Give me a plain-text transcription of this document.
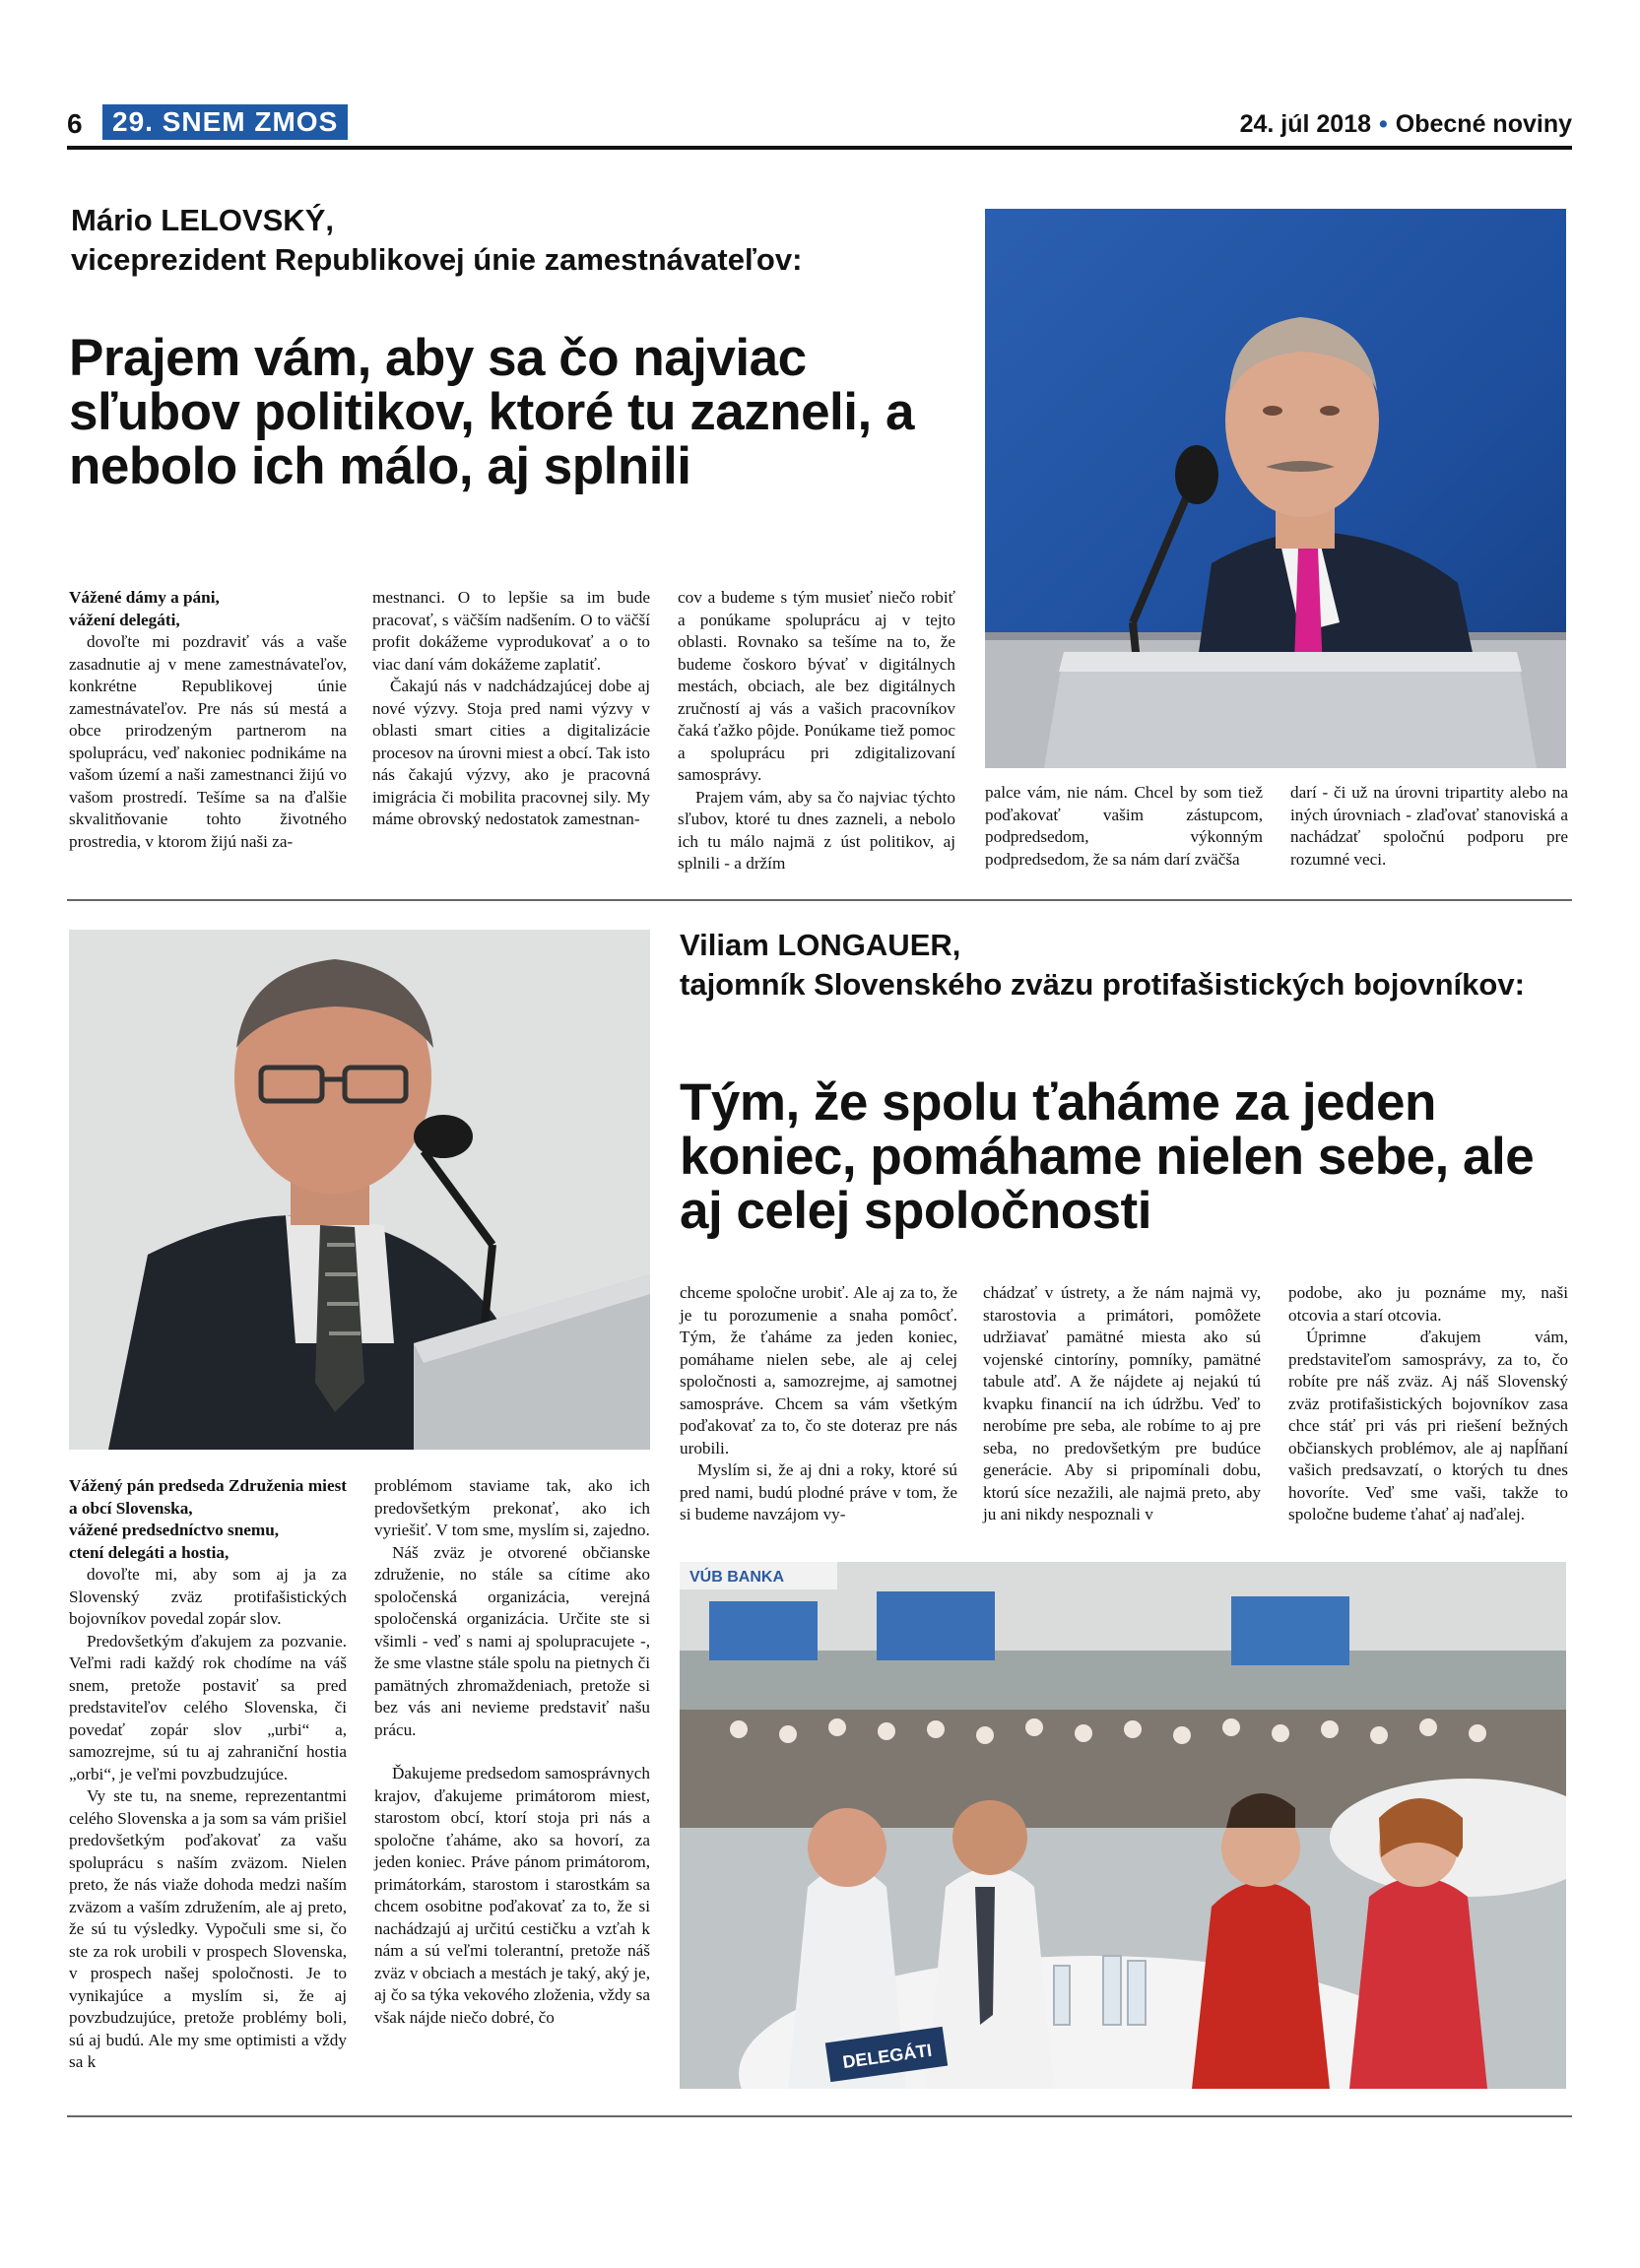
6	29. SNEM ZMOS	24. júl 2018 • Obecné noviny
Mário LELOVSKÝ,
viceprezident Republikovej únie zamestnávateľov:
Prajem vám, aby sa čo najviac sľubov politikov, ktoré tu zazneli, a nebolo ich málo, aj splnili

Vážené dámy a páni,
vážení delegáti,

dovoľte mi pozdraviť vás a vaše zasadnutie aj v mene zamestnávateľov, konkrétne Republikovej únie zamestnávateľov. Pre nás sú mestá a obce prirodzeným partnerom na spoluprácu, veď nakoniec podnikáme na vašom území a naši zamestnanci žijú vo vašom prostredí. Tešíme sa na ďalšie skvalitňovanie tohto životného prostredia, v ktorom žijú naši za-

mestnanci. O to lepšie sa im bude pracovať, s väčším nadšením. O to väčší profit dokážeme vyprodukovať a o to viac daní vám dokážeme zaplatiť.

Čakajú nás v nadchádzajúcej dobe aj nové výzvy. Stoja pred nami výzvy v oblasti smart cities a digitalizácie procesov na úrovni miest a obcí. Tak isto nás čakajú výzvy, ako je pracovná imigrácia či mobilita pracovnej sily. My máme obrovský nedostatok zamestnan-

cov a budeme s tým musieť niečo robiť a ponúkame spoluprácu aj v tejto oblasti. Rovnako sa tešíme na to, že budeme čoskoro bývať v digitálnych mestách, obciach, ale bez digitálnych zručností aj vás a vašich pracovníkov čaká ťažko pôjde. Ponúkame tiež pomoc a spoluprácu pri zdigitalizovaní samosprávy.

Prajem vám, aby sa čo najviac týchto sľubov, ktoré tu dnes zazneli, a nebolo ich tu málo najmä z úst politikov, aj splnili - a držím

palce vám, nie nám. Chcel by som tiež poďakovať vašim zástupcom, podpredsedom, výkonným podpredsedom, že sa nám darí zväčša

darí - či už na úrovni tripartity alebo na iných úrovniach - zlaďovať stanoviská a nachádzať spoločnú podporu pre rozumné veci.

Viliam LONGAUER,
tajomník Slovenského zväzu protifašistických bojovníkov:
Tým, že spolu ťaháme za jeden koniec, pomáhame nielen sebe, ale aj celej spoločnosti

Vážený pán predseda Združenia miest a obcí Slovenska,
vážené predsedníctvo snemu,
ctení delegáti a hostia,

dovoľte mi, aby som aj ja za Slovenský zväz protifašistických bojovníkov povedal zopár slov.

Predovšetkým ďakujem za pozvanie. Veľmi radi každý rok chodíme na váš snem, pretože postaviť sa pred predstaviteľov celého Slovenska, či povedať zopár slov „urbi“ a, samozrejme, sú tu aj zahraniční hostia „orbi“, je veľmi povzbudzujúce.

Vy ste tu, na sneme, reprezentantmi celého Slovenska a ja som sa vám prišiel predovšetkým poďakovať za vašu spoluprácu s naším zväzom. Nielen preto, že nás viaže dohoda medzi naším zväzom a vaším združením, ale aj preto, že sú tu výsledky. Vypočuli sme si, čo ste za rok urobili v prospech Slovenska, v prospech našej spoločnosti. Je to vynikajúce a myslím si, že aj povzbudzujúce, pretože problémy boli, sú aj budú. Ale my sme optimisti a vždy sa k

problémom staviame tak, ako ich predovšetkým prekonať, ako ich vyriešiť. V tom sme, myslím si, zajedno.

Náš zväz je otvorené občianske združenie, no stále sa cítime ako spoločenská organizácia, verejná spoločenská organizácia. Určite ste si všimli - veď s nami aj spolupracujete -, že sme vlastne stále spolu na pietnych či pamätných zhromaždeniach, pretože si bez vás ani nevieme predstaviť našu prácu.

Ďakujeme predsedom samosprávnych krajov, ďakujeme primátorom miest, starostom obcí, ktorí stoja pri nás a spoločne ťaháme, ako sa hovorí, za jeden koniec. Práve pánom primátorom, primátorkám, starostom i starostkám sa chcem osobitne poďakovať za to, že si nachádzajú aj určitú cestičku a vzťah k nám a sú veľmi tolerantní, pretože náš zväz v obciach a mestách je taký, aký je, aj čo sa týka vekového zloženia, vždy sa však nájde niečo dobré, čo

chceme spoločne urobiť. Ale aj za to, že je tu porozumenie a snaha pomôcť. Tým, že ťaháme za jeden koniec, pomáhame nielen sebe, ale aj celej spoločnosti a, samozrejme, aj samotnej samospráve. Chcem sa vám všetkým poďakovať za to, čo ste doteraz pre nás urobili.

Myslím si, že aj dni a roky, ktoré sú pred nami, budú plodné práve v tom, že si budeme navzájom vy-

chádzať v ústrety, a že nám najmä vy, starostovia a primátori, pomôžete udržiavať pamätné miesta ako sú vojenské cintoríny, pomníky, pamätné tabule atď. A že nájdete aj nejakú tú kvapku financií na ich údržbu. Veď to nerobíme pre seba, ale robíme to aj pre seba, no predovšetkým pre budúce generácie. Aby si pripomínali dobu, ktorú síce nezažili, ale najmä preto, aby ju ani nikdy nespoznali v

podobe, ako ju poznáme my, naši otcovia a starí otcovia.

Úprimne ďakujem vám, predstaviteľom samosprávy, za to, čo robíte pre náš zväz. Aj náš Slovenský zväz protifašistických bojovníkov zasa chce stáť pri vás pri riešení bežných občianskych problémov, ale aj napĺňaní vašich predsavzatí, o ktorých tu dnes hovoríte. Veď sme vaši, takže to spoločne budeme ťahať aj naďalej.

VÚB BANKA
DELEGÁTI
